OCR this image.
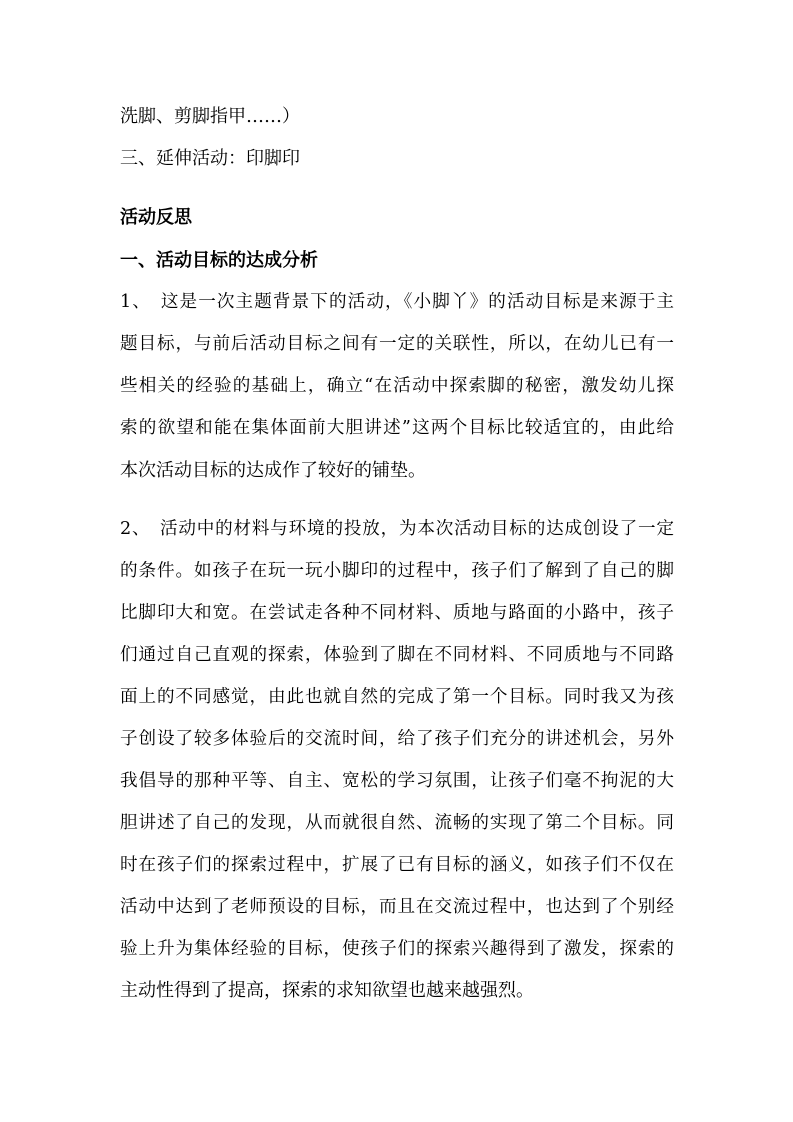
洗脚、剪脚指甲……）
三、延伸活动：印脚印
活动反思
一、活动目标的达成分析
1、　这是一次主题背景下的活动，《小脚丫》的活动目标是来源于主
题目标，与前后活动目标之间有一定的关联性，所以，在幼儿已有一
些相关的经验的基础上，确立“在活动中探索脚的秘密，激发幼儿探
索的欲望和能在集体面前大胆讲述”这两个目标比较适宜的，由此给
本次活动目标的达成作了较好的铺垫。
2、　活动中的材料与环境的投放，为本次活动目标的达成创设了一定
的条件。如孩子在玩一玩小脚印的过程中，孩子们了解到了自己的脚
比脚印大和宽。在尝试走各种不同材料、质地与路面的小路中，孩子
们通过自己直观的探索，体验到了脚在不同材料、不同质地与不同路
面上的不同感觉，由此也就自然的完成了第一个目标。同时我又为孩
子创设了较多体验后的交流时间，给了孩子们充分的讲述机会，另外
我倡导的那种平等、自主、宽松的学习氛围，让孩子们毫不拘泥的大
胆讲述了自己的发现，从而就很自然、流畅的实现了第二个目标。同
时在孩子们的探索过程中，扩展了已有目标的涵义，如孩子们不仅在
活动中达到了老师预设的目标，而且在交流过程中，也达到了个别经
验上升为集体经验的目标，使孩子们的探索兴趣得到了激发，探索的
主动性得到了提高，探索的求知欲望也越来越强烈。
